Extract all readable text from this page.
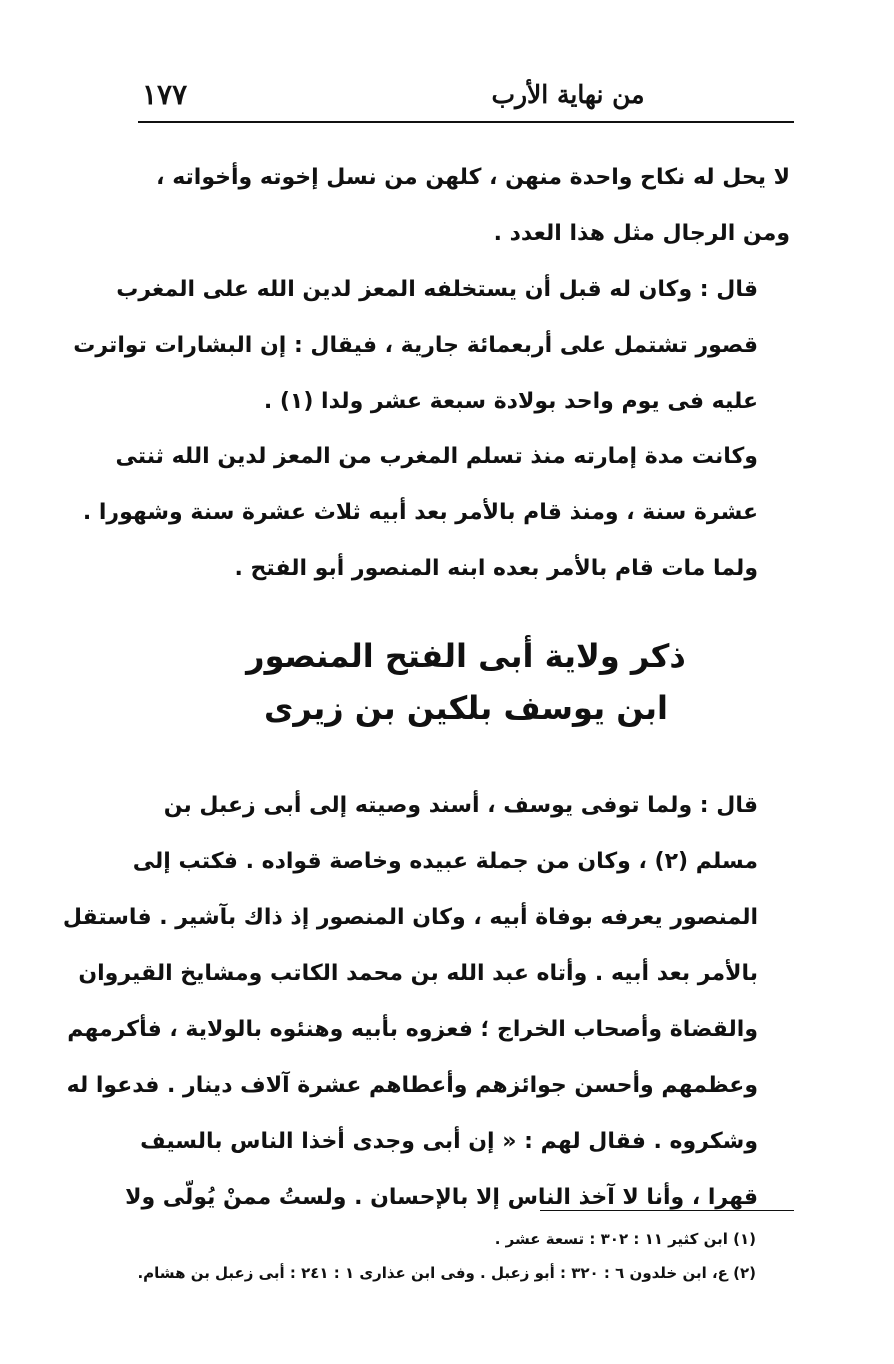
١٧٧	من نهاية الأرب
لا يحل له نكاح واحدة منهن ، كلهن من نسل إخوته وأخواته ،
ومن الرجال مثل هذا العدد .
قال : وكان له قبل أن يستخلفه المعز لدين الله على المغرب
قصور تشتمل على أربعمائة جارية ، فيقال : إن البشارات تواترت
عليه فى يوم واحد بولادة سبعة عشر ولدا (١) .
وكانت مدة إمارته منذ تسلم المغرب من المعز لدين الله ثنتى
عشرة سنة ، ومنذ قام بالأمر بعد أبيه ثلاث عشرة سنة وشهورا .
ولما مات قام بالأمر بعده ابنه المنصور أبو الفتح .
ذكر ولاية أبى الفتح المنصور
ابن يوسف بلكين بن زيرى
قال : ولما توفى يوسف ، أسند وصيته إلى أبى زعبل بن
مسلم (٢) ، وكان من جملة عبيده وخاصة قواده . فكتب إلى
المنصور يعرفه بوفاة أبيه ، وكان المنصور إذ ذاك بآشير . فاستقل
بالأمر بعد أبيه . وأتاه عبد الله بن محمد الكاتب ومشايخ القيروان
والقضاة وأصحاب الخراج ؛ فعزوه بأبيه وهنئوه بالولاية ، فأكرمهم
وعظمهم وأحسن جوائزهم وأعطاهم عشرة آلاف دينار . فدعوا له
وشكروه . فقال لهم : « إن أبى وجدى أخذا الناس بالسيف
قهرا ، وأنا لا آخذ الناس إلا بالإحسان . ولستُ ممنْ يُولّى ولا
(١) ابن كثير ١١ : ٣٠٢ : تسعة عشر .
(٢) ع، ابن خلدون ٦ : ٣٢٠ : أبو زعبل . وفى ابن عذارى ١ : ٢٤١ : أبى زعبل بن هشام.
